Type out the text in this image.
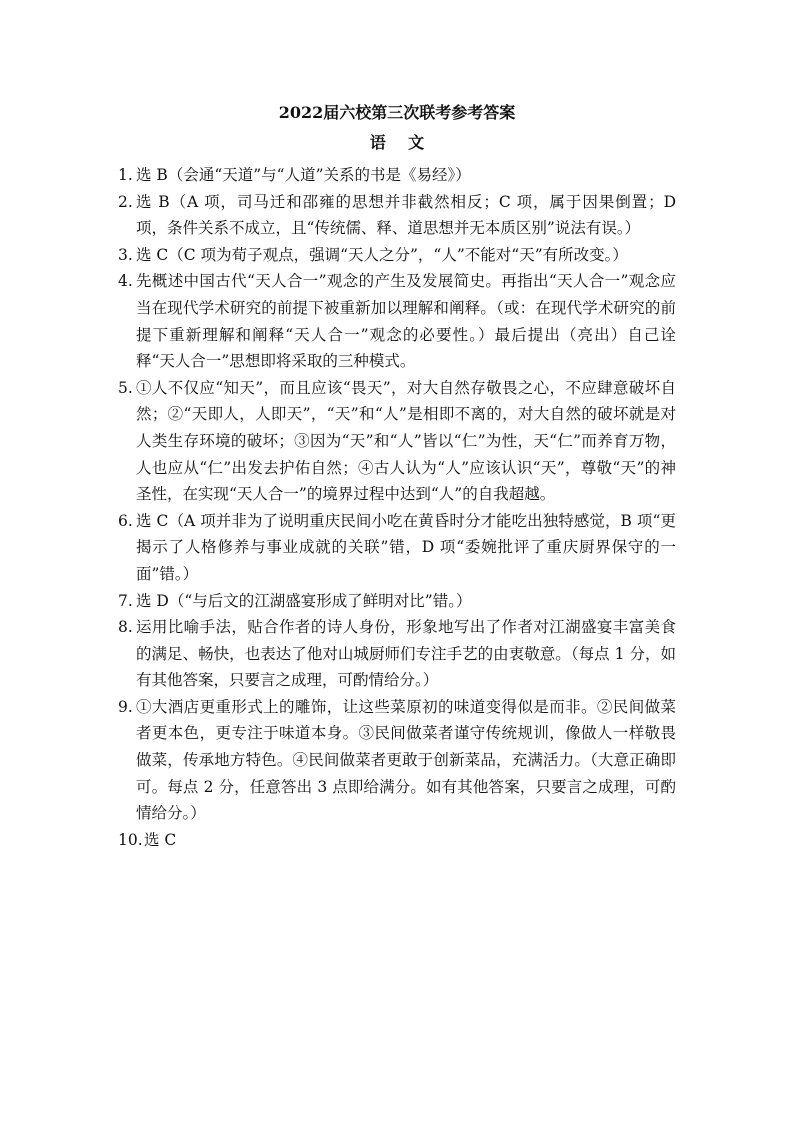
2022届六校第三次联考参考答案
语文
1. 选 B（会通“天道”与“人道”关系的书是《易经》）
2. 选 B（A 项，司马迁和邵雍的思想并非截然相反；C 项，属于因果倒置；D 项，条件关系不成立，且“传统儒、释、道思想并无本质区别”说法有误。）
3. 选 C（C 项为荀子观点，强调“天人之分”，“人”不能对“天”有所改变。）
4. 先概述中国古代“天人合一”观念的产生及发展简史。再指出“天人合一”观念应当在现代学术研究的前提下被重新加以理解和阐释。（或：在现代学术研究的前提下重新理解和阐释“天人合一”观念的必要性。）最后提出（亮出）自己诠释“天人合一”思想即将采取的三种模式。
5. ①人不仅应“知天”，而且应该“畏天”，对大自然存敬畏之心，不应肆意破坏自然；②“天即人，人即天”，“天”和“人”是相即不离的，对大自然的破坏就是对人类生存环境的破坏；③因为“天”和“人”皆以“仁”为性，天“仁”而养育万物，人也应从“仁”出发去护佑自然；④古人认为“人”应该认识“天”，尊敬“天”的神圣性，在实现“天人合一”的境界过程中达到“人”的自我超越。
6. 选 C（A 项并非为了说明重庆民间小吃在黄昏时分才能吃出独特感觉，B 项“更揭示了人格修养与事业成就的关联”错，D 项“委婉批评了重庆厨界保守的一面”错。）
7. 选 D（“与后文的江湖盛宴形成了鲜明对比”错。）
8. 运用比喻手法，贴合作者的诗人身份，形象地写出了作者对江湖盛宴丰富美食的满足、畅快，也表达了他对山城厨师们专注手艺的由衷敬意。（每点 1 分，如有其他答案，只要言之成理，可酌情给分。）
9. ①大酒店更重形式上的雕饰，让这些菜原初的味道变得似是而非。②民间做菜者更本色，更专注于味道本身。③民间做菜者谨守传统规训，像做人一样敬畏做菜，传承地方特色。④民间做菜者更敢于创新菜品，充满活力。（大意正确即可。每点 2 分，任意答出 3 点即给满分。如有其他答案，只要言之成理，可酌情给分。）
10. 选 C
